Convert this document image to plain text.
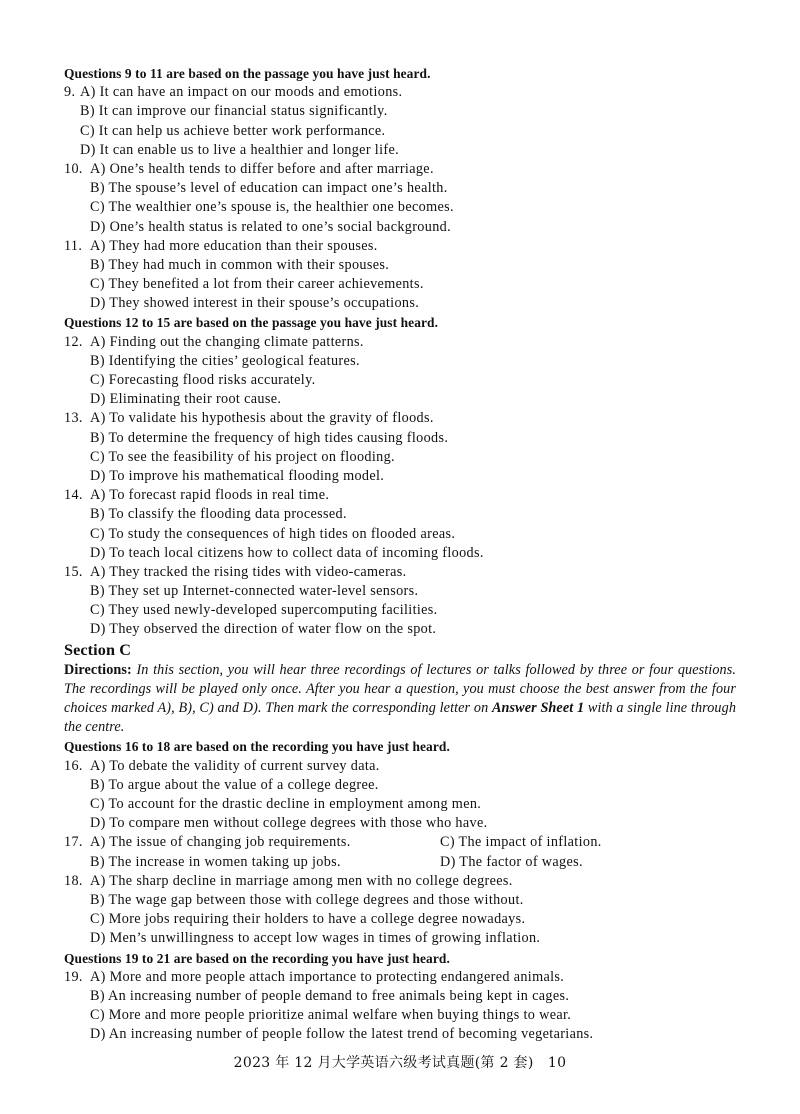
Questions 9 to 11 are based on the passage you have just heard.
9. A) It can have an impact on our moods and emotions.
B) It can improve our financial status significantly.
C) It can help us achieve better work performance.
D) It can enable us to live a healthier and longer life.
10. A) One’s health tends to differ before and after marriage.
B) The spouse’s level of education can impact one’s health.
C) The wealthier one’s spouse is, the healthier one becomes.
D) One’s health status is related to one’s social background.
11. A) They had more education than their spouses.
B) They had much in common with their spouses.
C) They benefited a lot from their career achievements.
D) They showed interest in their spouse’s occupations.
Questions 12 to 15 are based on the passage you have just heard.
12. A) Finding out the changing climate patterns.
B) Identifying the cities’ geological features.
C) Forecasting flood risks accurately.
D) Eliminating their root cause.
13. A) To validate his hypothesis about the gravity of floods.
B) To determine the frequency of high tides causing floods.
C) To see the feasibility of his project on flooding.
D) To improve his mathematical flooding model.
14. A) To forecast rapid floods in real time.
B) To classify the flooding data processed.
C) To study the consequences of high tides on flooded areas.
D) To teach local citizens how to collect data of incoming floods.
15. A) They tracked the rising tides with video-cameras.
B) They set up Internet-connected water-level sensors.
C) They used newly-developed supercomputing facilities.
D) They observed the direction of water flow on the spot.
Section C
Directions: In this section, you will hear three recordings of lectures or talks followed by three or four questions. The recordings will be played only once. After you hear a question, you must choose the best answer from the four choices marked A), B), C) and D). Then mark the corresponding letter on Answer Sheet 1 with a single line through the centre.
Questions 16 to 18 are based on the recording you have just heard.
16. A) To debate the validity of current survey data.
B) To argue about the value of a college degree.
C) To account for the drastic decline in employment among men.
D) To compare men without college degrees with those who have.
17. A) The issue of changing job requirements.	C) The impact of inflation.
B) The increase in women taking up jobs.	D) The factor of wages.
18. A) The sharp decline in marriage among men with no college degrees.
B) The wage gap between those with college degrees and those without.
C) More jobs requiring their holders to have a college degree nowadays.
D) Men’s unwillingness to accept low wages in times of growing inflation.
Questions 19 to 21 are based on the recording you have just heard.
19. A) More and more people attach importance to protecting endangered animals.
B) An increasing number of people demand to free animals being kept in cages.
C) More and more people prioritize animal welfare when buying things to wear.
D) An increasing number of people follow the latest trend of becoming vegetarians.
2023 年 12 月大学英语六级考试真题(第 2 套)　10
